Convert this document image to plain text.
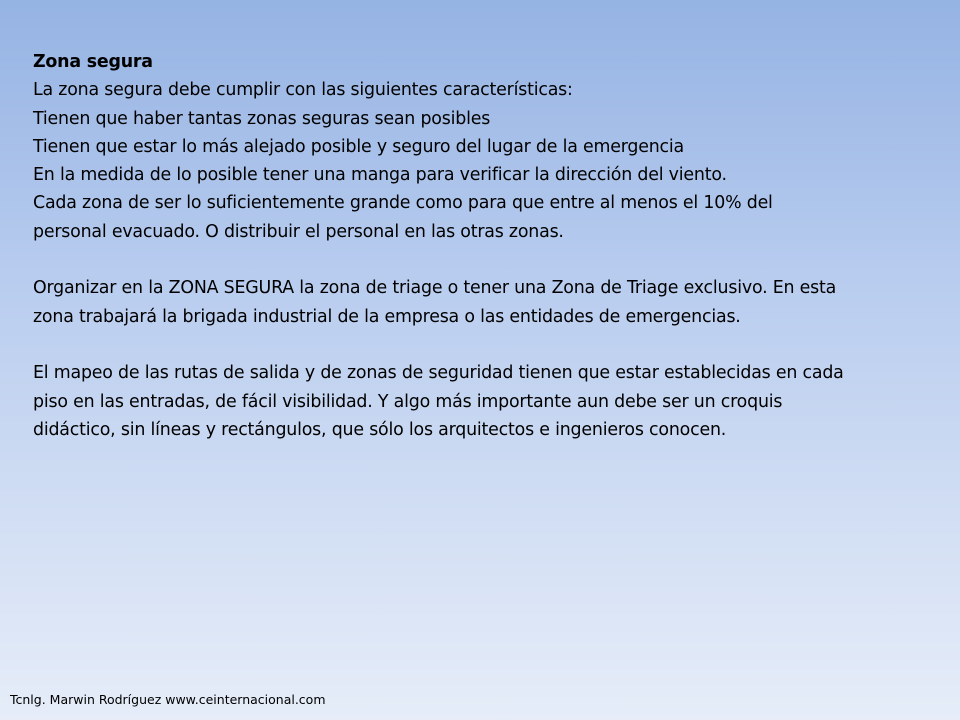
Zona segura

La zona segura debe cumplir con las siguientes características:

Tienen que haber tantas zonas seguras sean posibles

Tienen que estar lo más alejado posible y seguro del lugar de la emergencia

En la medida de lo posible tener una manga para verificar la dirección del viento.

Cada zona de ser lo suficientemente grande como para que entre al menos el 10% del

personal evacuado. O distribuir el personal en las otras zonas.

Organizar en la ZONA SEGURA la zona de triage o tener una Zona de Triage exclusivo. En esta

zona trabajará la brigada industrial de la empresa o las entidades de emergencias.

El mapeo de las rutas de salida y de zonas de seguridad tienen que estar establecidas en cada

piso en las entradas, de fácil visibilidad. Y algo más importante aun debe ser un croquis

didáctico, sin líneas y rectángulos, que sólo los arquitectos e ingenieros conocen.

Tcnlg. Marwin Rodríguez www.ceinternacional.com
